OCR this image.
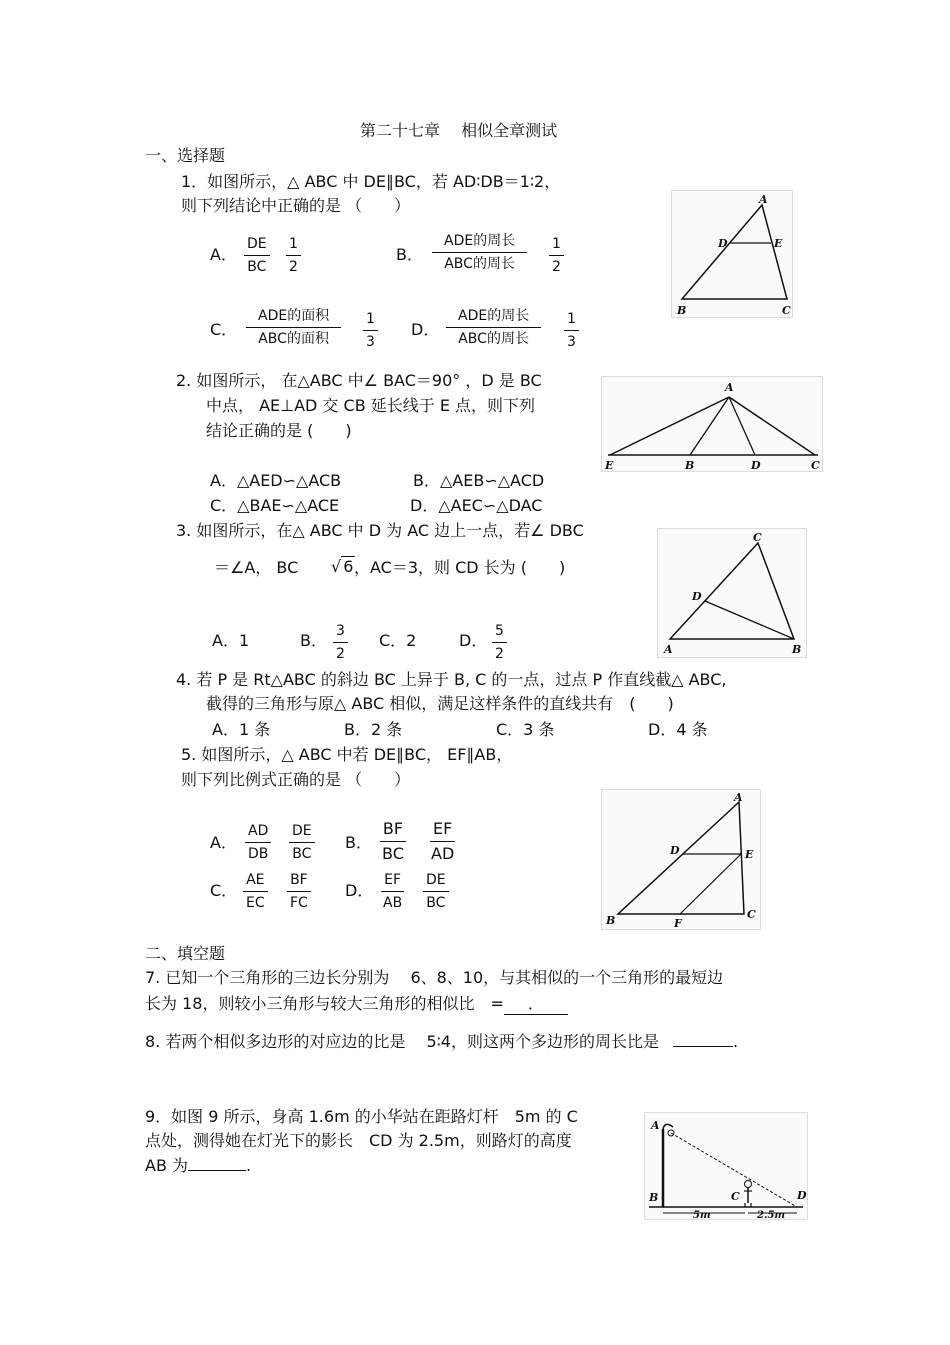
第二十七章　 相似全章测试
一、选择题
1．如图所示，△ ABC 中 DE∥BC，若 AD∶DB＝1∶2，
则下列结论中正确的是 （　　）
A． $\frac{DE}{BC} \frac{1}{2}$	B．
ADE的周长
ABC的周长 $\frac{1}{2}$
C．
ADE的面积
ABC的面积 $\frac{1}{3}$ D．
ADE的周长
ABC的周长	$\frac{1}{3}$
A
D	E
B	C
2. 如图所示， 在△ABC 中∠ BAC＝90° ，D 是 BC
中点， AE⊥AD 交 CB 延长线于 E 点，则下列
结论正确的是 (　　)
A．△AED∽△ACB	B．△AEB∽△ACD
C．△BAE∽△ACE	D．△AEC∽△DAC
A
E	B	D	C
3. 如图所示，在△ ABC 中 D 为 AC 边上一点，若∠ DBC
＝∠A， BC √ 6 ，AC＝3，则 CD 长为 (　　)
A．1	B． $\frac{3}{2}$ C．2	D． $\frac{5}{2}$
C
D
A	B
4. 若 P 是 Rt△ABC 的斜边 BC 上异于 B, C 的一点，过点 P 作直线截△ ABC,
截得的三角形与原△ ABC 相似，满足这样条件的直线共有　(　　)
A．1 条	B．2 条	C．3 条	D．4 条
5. 如图所示，△ ABC 中若 DE∥BC， EF∥AB，
则下列比例式正确的是 （　　）
A． $\frac{AD}{DB} \frac{DE}{BC}$ B． $\frac{BF}{BC} \frac{EF}{AD}$
C． $\frac{AE}{EC} \frac{BF}{FC}$ D． $\frac{EF}{AB} \frac{DE}{BC}$
A
D	E
B	F
C
二、填空题
7. 已知一个三角形的三边长分别为　 6、8、10，与其相似的一个三角形的最短边
长为 18，则较小三角形与较大三角形的相似比　= ．
8. 若两个相似多边形的对应边的比是　 5∶4，则这两个多边形的周长比是	.
9．如图 9 所示，身高 1.6m 的小华站在距路灯杆　5m 的 C
点处，测得她在灯光下的影长　CD 为 2.5m，则路灯的高度
AB 为	.
A
B	C	D
5m	2.5m
